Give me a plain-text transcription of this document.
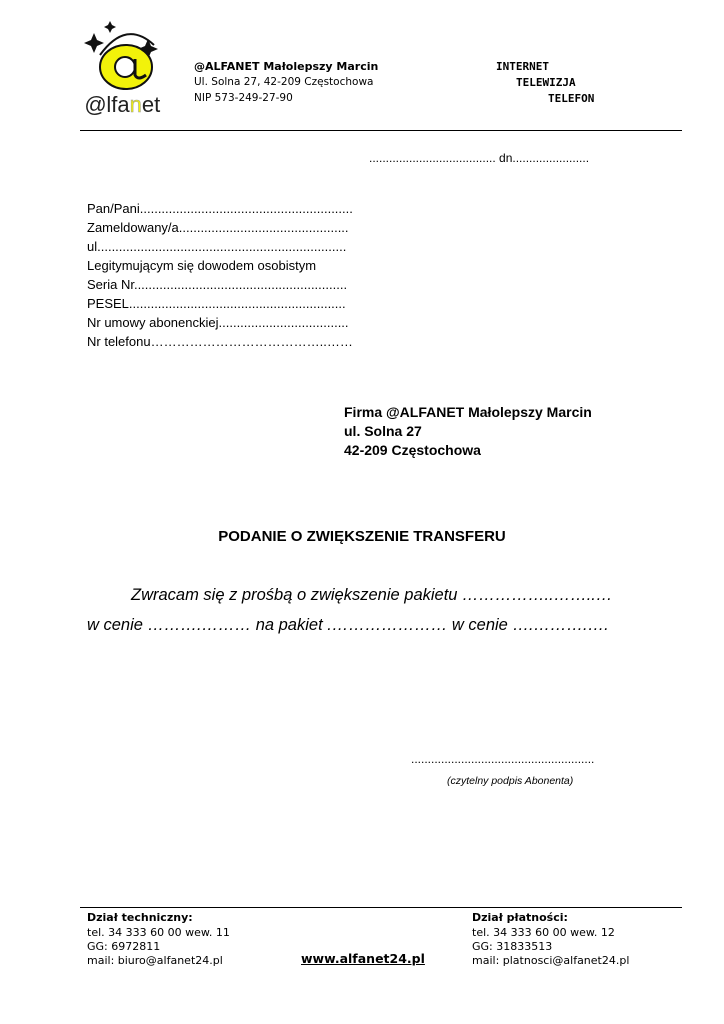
@lfanet
@ALFANET Małolepszy Marcin
Ul. Solna 27, 42-209 Częstochowa
NIP 573-249-27-90
INTERNET
TELEWIZJA
TELEFON
...................................... dn.......................
Pan/Pani...........................................................
Zameldowany/a...............................................
ul.....................................................................
Legitymującym się dowodem osobistym
Seria Nr...........................................................
PESEL............................................................
Nr umowy abonenckiej....................................
Nr telefonu…………………………………..……
Firma @ALFANET Małolepszy Marcin
ul. Solna 27
42-209 Częstochowa
PODANIE O ZWIĘKSZENIE TRANSFERU
Zwracam się z prośbą o zwiększenie pakietu ……………..……..…
w cenie ……….……… na pakiet .………………… w cenie ….……….….
.......................................................
(czytelny podpis Abonenta)
Dział techniczny:
tel. 34 333 60 00 wew. 11
GG: 6972811
mail: biuro@alfanet24.pl	www.alfanet24.pl
Dział płatności:
tel. 34 333 60 00 wew. 12
GG: 31833513
mail: platnosci@alfanet24.pl
